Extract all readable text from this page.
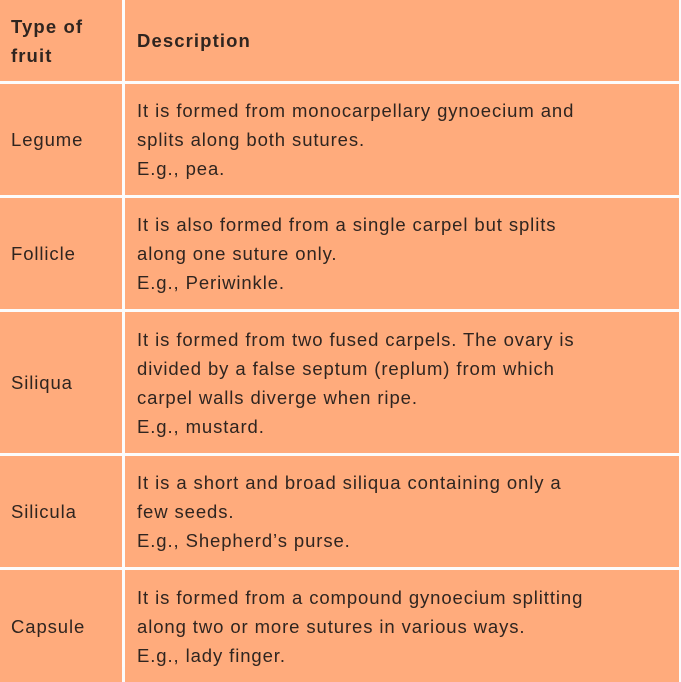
Type of
fruit
Description
Legume
It is formed from monocarpellary gynoecium and
splits along both sutures.
E.g., pea.
Follicle
It is also formed from a single carpel but splits
along one suture only.
E.g., Periwinkle.
Siliqua
It is formed from two fused carpels. The ovary is
divided by a false septum (replum) from which
carpel walls diverge when ripe.
E.g., mustard.
Silicula
It is a short and broad siliqua containing only a
few seeds.
E.g., Shepherd’s purse.
Capsule
It is formed from a compound gynoecium splitting
along two or more sutures in various ways.
E.g., lady finger.
